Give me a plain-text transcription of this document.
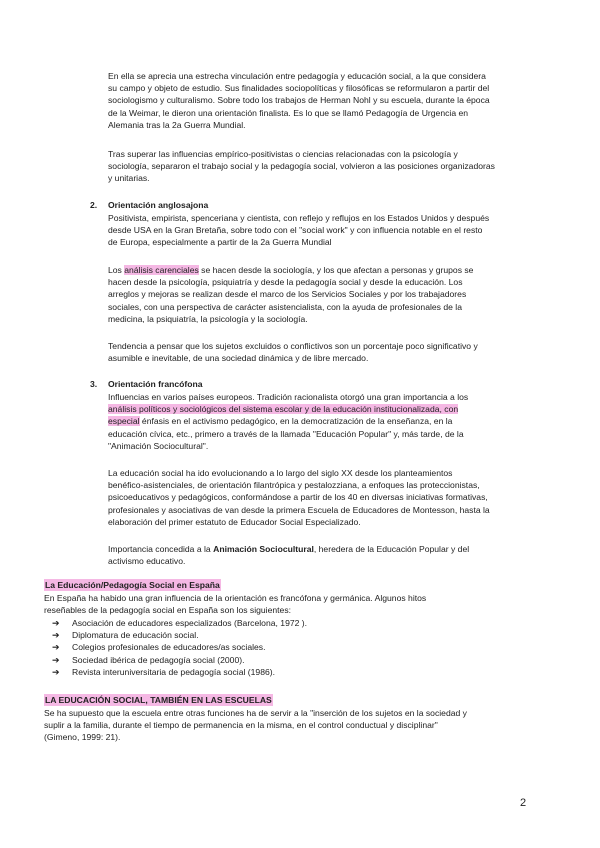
En ella se aprecia una estrecha vinculación entre pedagogía y educación social, a la que considera
su campo y objeto de estudio. Sus finalidades sociopolíticas y filosóficas se reformularon a partir del
sociologismo y culturalismo. Sobre todo los trabajos de Herman Nohl y su escuela, durante la época
de la Weimar, le dieron una orientación finalista. Es lo que se llamó Pedagogía de Urgencia en
Alemania tras la 2a Guerra Mundial.
Tras superar las influencias empírico-positivistas o ciencias relacionadas con la psicología y
sociología, separaron el trabajo social y la pedagogía social, volvieron a las posiciones organizadoras
y unitarias.
2. Orientación anglosajona
Positivista, empirista, spenceriana y cientista, con reflejo y reflujos en los Estados Unidos y después
desde USA en la Gran Bretaña, sobre todo con el "social work" y con influencia notable en el resto
de Europa, especialmente a partir de la 2a Guerra Mundial
Los análisis carenciales se hacen desde la sociología, y los que afectan a personas y grupos se
hacen desde la psicología, psiquiatría y desde la pedagogía social y desde la educación. Los
arreglos y mejoras se realizan desde el marco de los Servicios Sociales y por los trabajadores
sociales, con una perspectiva de carácter asistencialista, con la ayuda de profesionales de la
medicina, la psiquiatría, la psicología y la sociología.
Tendencia a pensar que los sujetos excluidos o conflictivos son un porcentaje poco significativo y
asumible e inevitable, de una sociedad dinámica y de libre mercado.
3. Orientación francófona
Influencias en varios países europeos. Tradición racionalista otorgó una gran importancia a los
análisis políticos y sociológicos del sistema escolar y de la educación institucionalizada, con
especial énfasis en el activismo pedagógico, en la democratización de la enseñanza, en la
educación cívica, etc., primero a través de la llamada "Educación Popular" y, más tarde, de la
"Animación Sociocultural".
La educación social ha ido evolucionando a lo largo del siglo XX desde los planteamientos
benéfico-asistenciales, de orientación filantrópica y pestalozziana, a enfoques las proteccionistas,
psicoeducativos y pedagógicos, conformándose a partir de los 40 en diversas iniciativas formativas,
profesionales y asociativas de van desde la primera Escuela de Educadores de Montesson, hasta la
elaboración del primer estatuto de Educador Social Especializado.
Importancia concedida a la Animación Sociocultural, heredera de la Educación Popular y del
activismo educativo.
La Educación/Pedagogía Social en España
En España ha habido una gran influencia de la orientación es francófona y germánica. Algunos hitos
reseñables de la pedagogía social en España son los siguientes:
➔ Asociación de educadores especializados (Barcelona, 1972 ).
➔ Diplomatura de educación social.
➔ Colegios profesionales de educadores/as sociales.
➔ Sociedad ibérica de pedagogía social (2000).
➔ Revista interuniversitaria de pedagogía social (1986).
LA EDUCACIÓN SOCIAL, TAMBIÉN EN LAS ESCUELAS
Se ha supuesto que la escuela entre otras funciones ha de servir a la "inserción de los sujetos en la sociedad y
suplir a la familia, durante el tiempo de permanencia en la misma, en el control conductual y disciplinar"
(Gimeno, 1999: 21).
2
